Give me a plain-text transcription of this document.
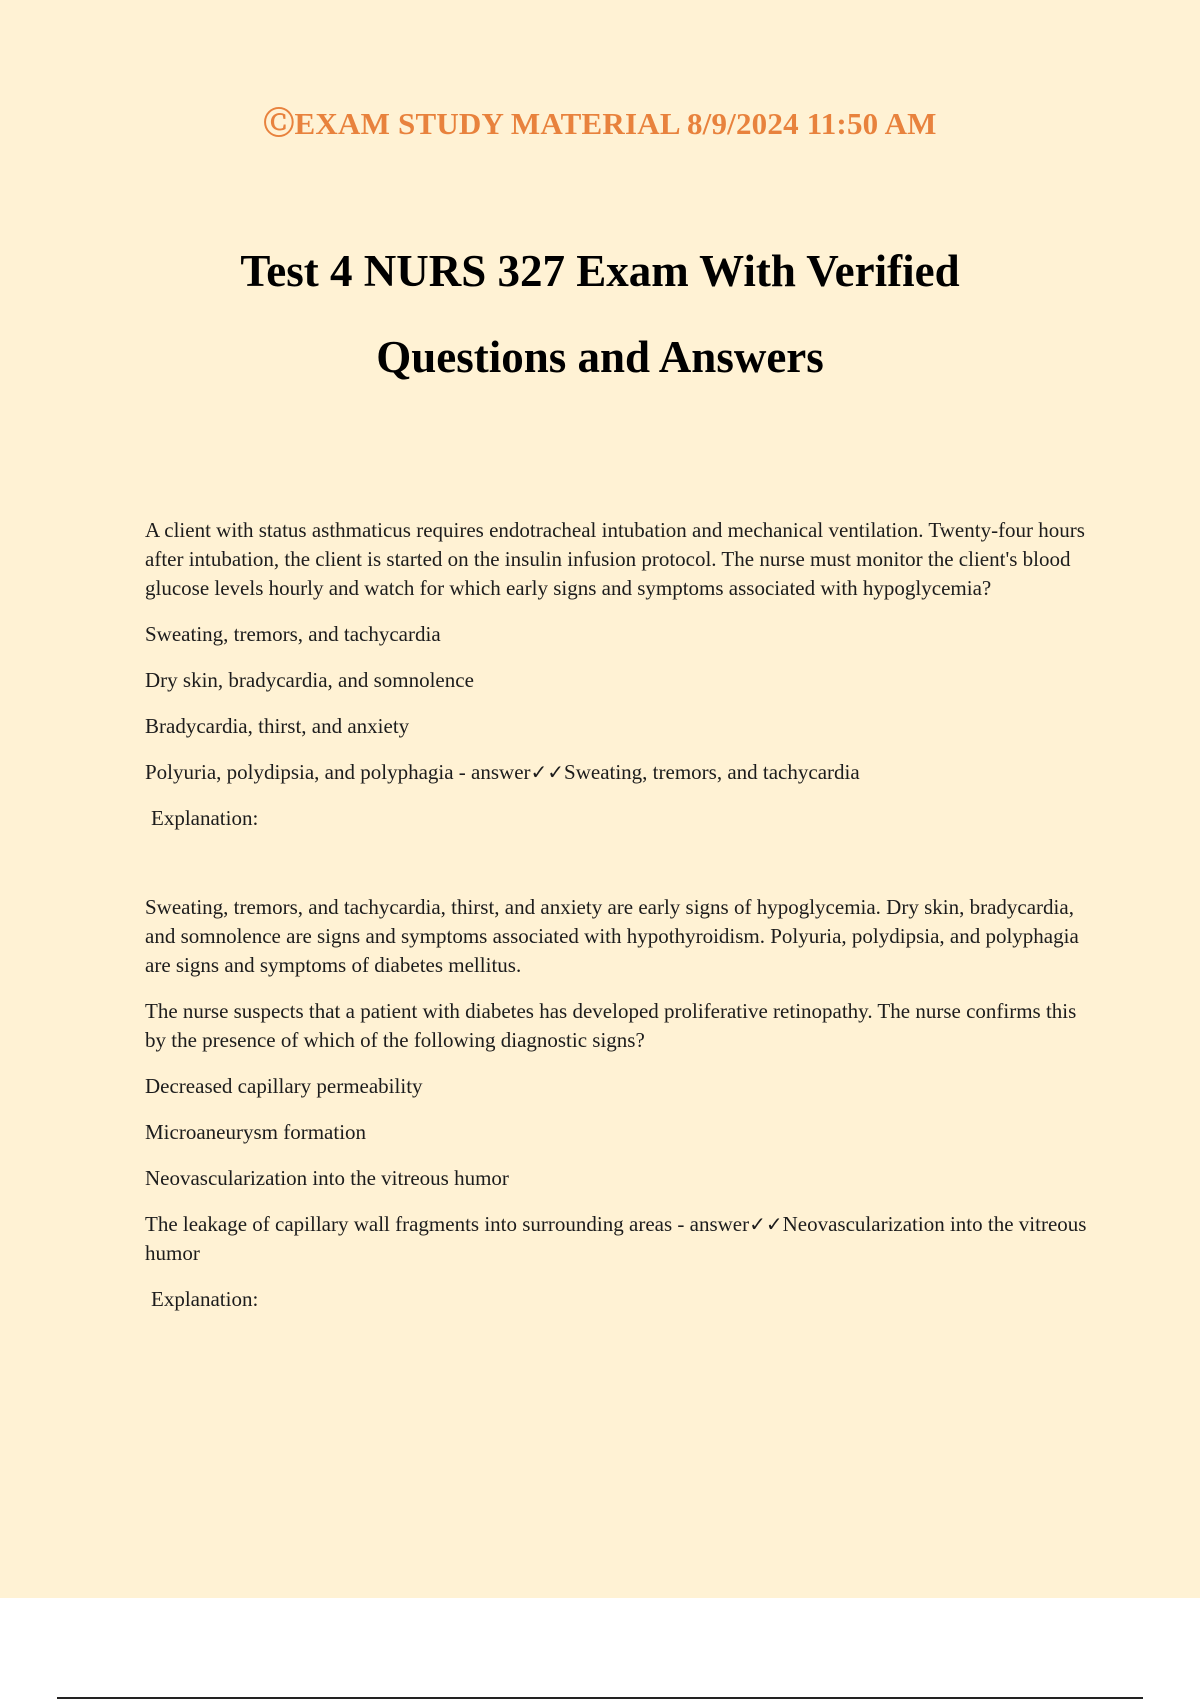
ⒸEXAM STUDY MATERIAL 8/9/2024 11:50 AM
Test 4 NURS 327 Exam With Verified
Questions and Answers

A client with status asthmaticus requires endotracheal intubation and mechanical ventilation. Twenty-four hours after intubation, the client is started on the insulin infusion protocol. The nurse must monitor the client's blood glucose levels hourly and watch for which early signs and symptoms associated with hypoglycemia?

Sweating, tremors, and tachycardia

Dry skin, bradycardia, and somnolence

Bradycardia, thirst, and anxiety

Polyuria, polydipsia, and polyphagia - answer✓✓Sweating, tremors, and tachycardia

Explanation:

Sweating, tremors, and tachycardia, thirst, and anxiety are early signs of hypoglycemia. Dry skin, bradycardia, and somnolence are signs and symptoms associated with hypothyroidism. Polyuria, polydipsia, and polyphagia are signs and symptoms of diabetes mellitus.

The nurse suspects that a patient with diabetes has developed proliferative retinopathy. The nurse confirms this by the presence of which of the following diagnostic signs?

Decreased capillary permeability

Microaneurysm formation

Neovascularization into the vitreous humor

The leakage of capillary wall fragments into surrounding areas - answer✓✓Neovascularization into the vitreous humor

Explanation:
